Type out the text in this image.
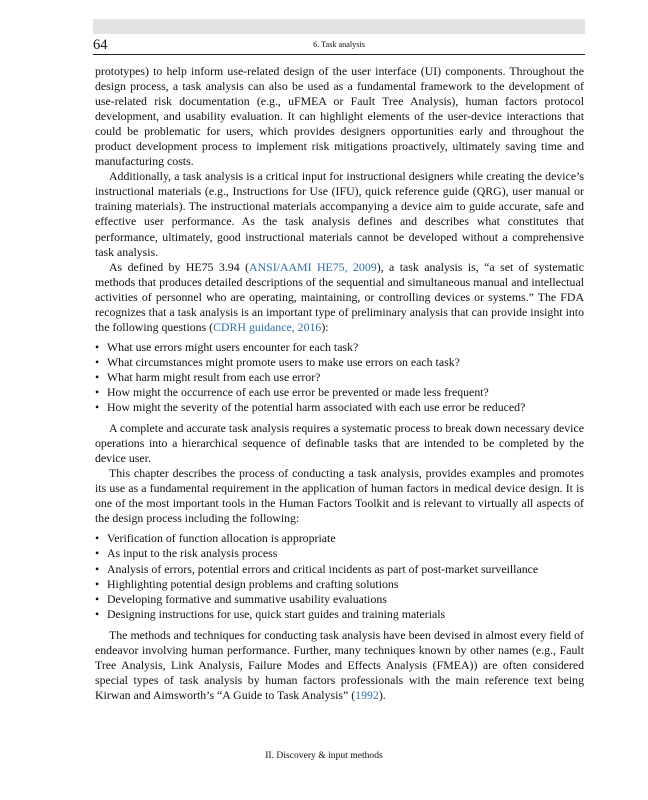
64	6. Task analysis

prototypes) to help inform use-related design of the user interface (UI) components. Throughout the design process, a task analysis can also be used as a fundamental framework to the development of use-related risk documentation (e.g., uFMEA or Fault Tree Analysis), human factors protocol development, and usability evaluation. It can highlight elements of the user-device interactions that could be problematic for users, which provides designers opportunities early and throughout the product development process to implement risk mitigations proactively, ultimately saving time and manufacturing costs.

Additionally, a task analysis is a critical input for instructional designers while creating the device’s instructional materials (e.g., Instructions for Use (IFU), quick reference guide (QRG), user manual or training materials). The instructional materials accompanying a device aim to guide accurate, safe and effective user performance. As the task analysis defines and describes what constitutes that performance, ultimately, good instructional materials cannot be developed without a comprehensive task analysis.

As defined by HE75 3.94 (ANSI/AAMI HE75, 2009), a task analysis is, “a set of systematic methods that produces detailed descriptions of the sequential and simultaneous manual and intellectual activities of personnel who are operating, maintaining, or controlling devices or systems.” The FDA recognizes that a task analysis is an important type of preliminary analysis that can provide insight into the following questions (CDRH guidance, 2016):

• What use errors might users encounter for each task?
• What circumstances might promote users to make use errors on each task?
• What harm might result from each use error?
• How might the occurrence of each use error be prevented or made less frequent?
• How might the severity of the potential harm associated with each use error be reduced?

A complete and accurate task analysis requires a systematic process to break down necessary device operations into a hierarchical sequence of definable tasks that are intended to be completed by the device user.

This chapter describes the process of conducting a task analysis, provides examples and promotes its use as a fundamental requirement in the application of human factors in medical device design. It is one of the most important tools in the Human Factors Toolkit and is relevant to virtually all aspects of the design process including the following:

• Verification of function allocation is appropriate
• As input to the risk analysis process
• Analysis of errors, potential errors and critical incidents as part of post-market surveillance
• Highlighting potential design problems and crafting solutions
• Developing formative and summative usability evaluations
• Designing instructions for use, quick start guides and training materials

The methods and techniques for conducting task analysis have been devised in almost every field of endeavor involving human performance. Further, many techniques known by other names (e.g., Fault Tree Analysis, Link Analysis, Failure Modes and Effects Analysis (FMEA)) are often considered special types of task analysis by human factors professionals with the main reference text being Kirwan and Aimsworth’s “A Guide to Task Analysis” (1992).

II. Discovery & input methods
